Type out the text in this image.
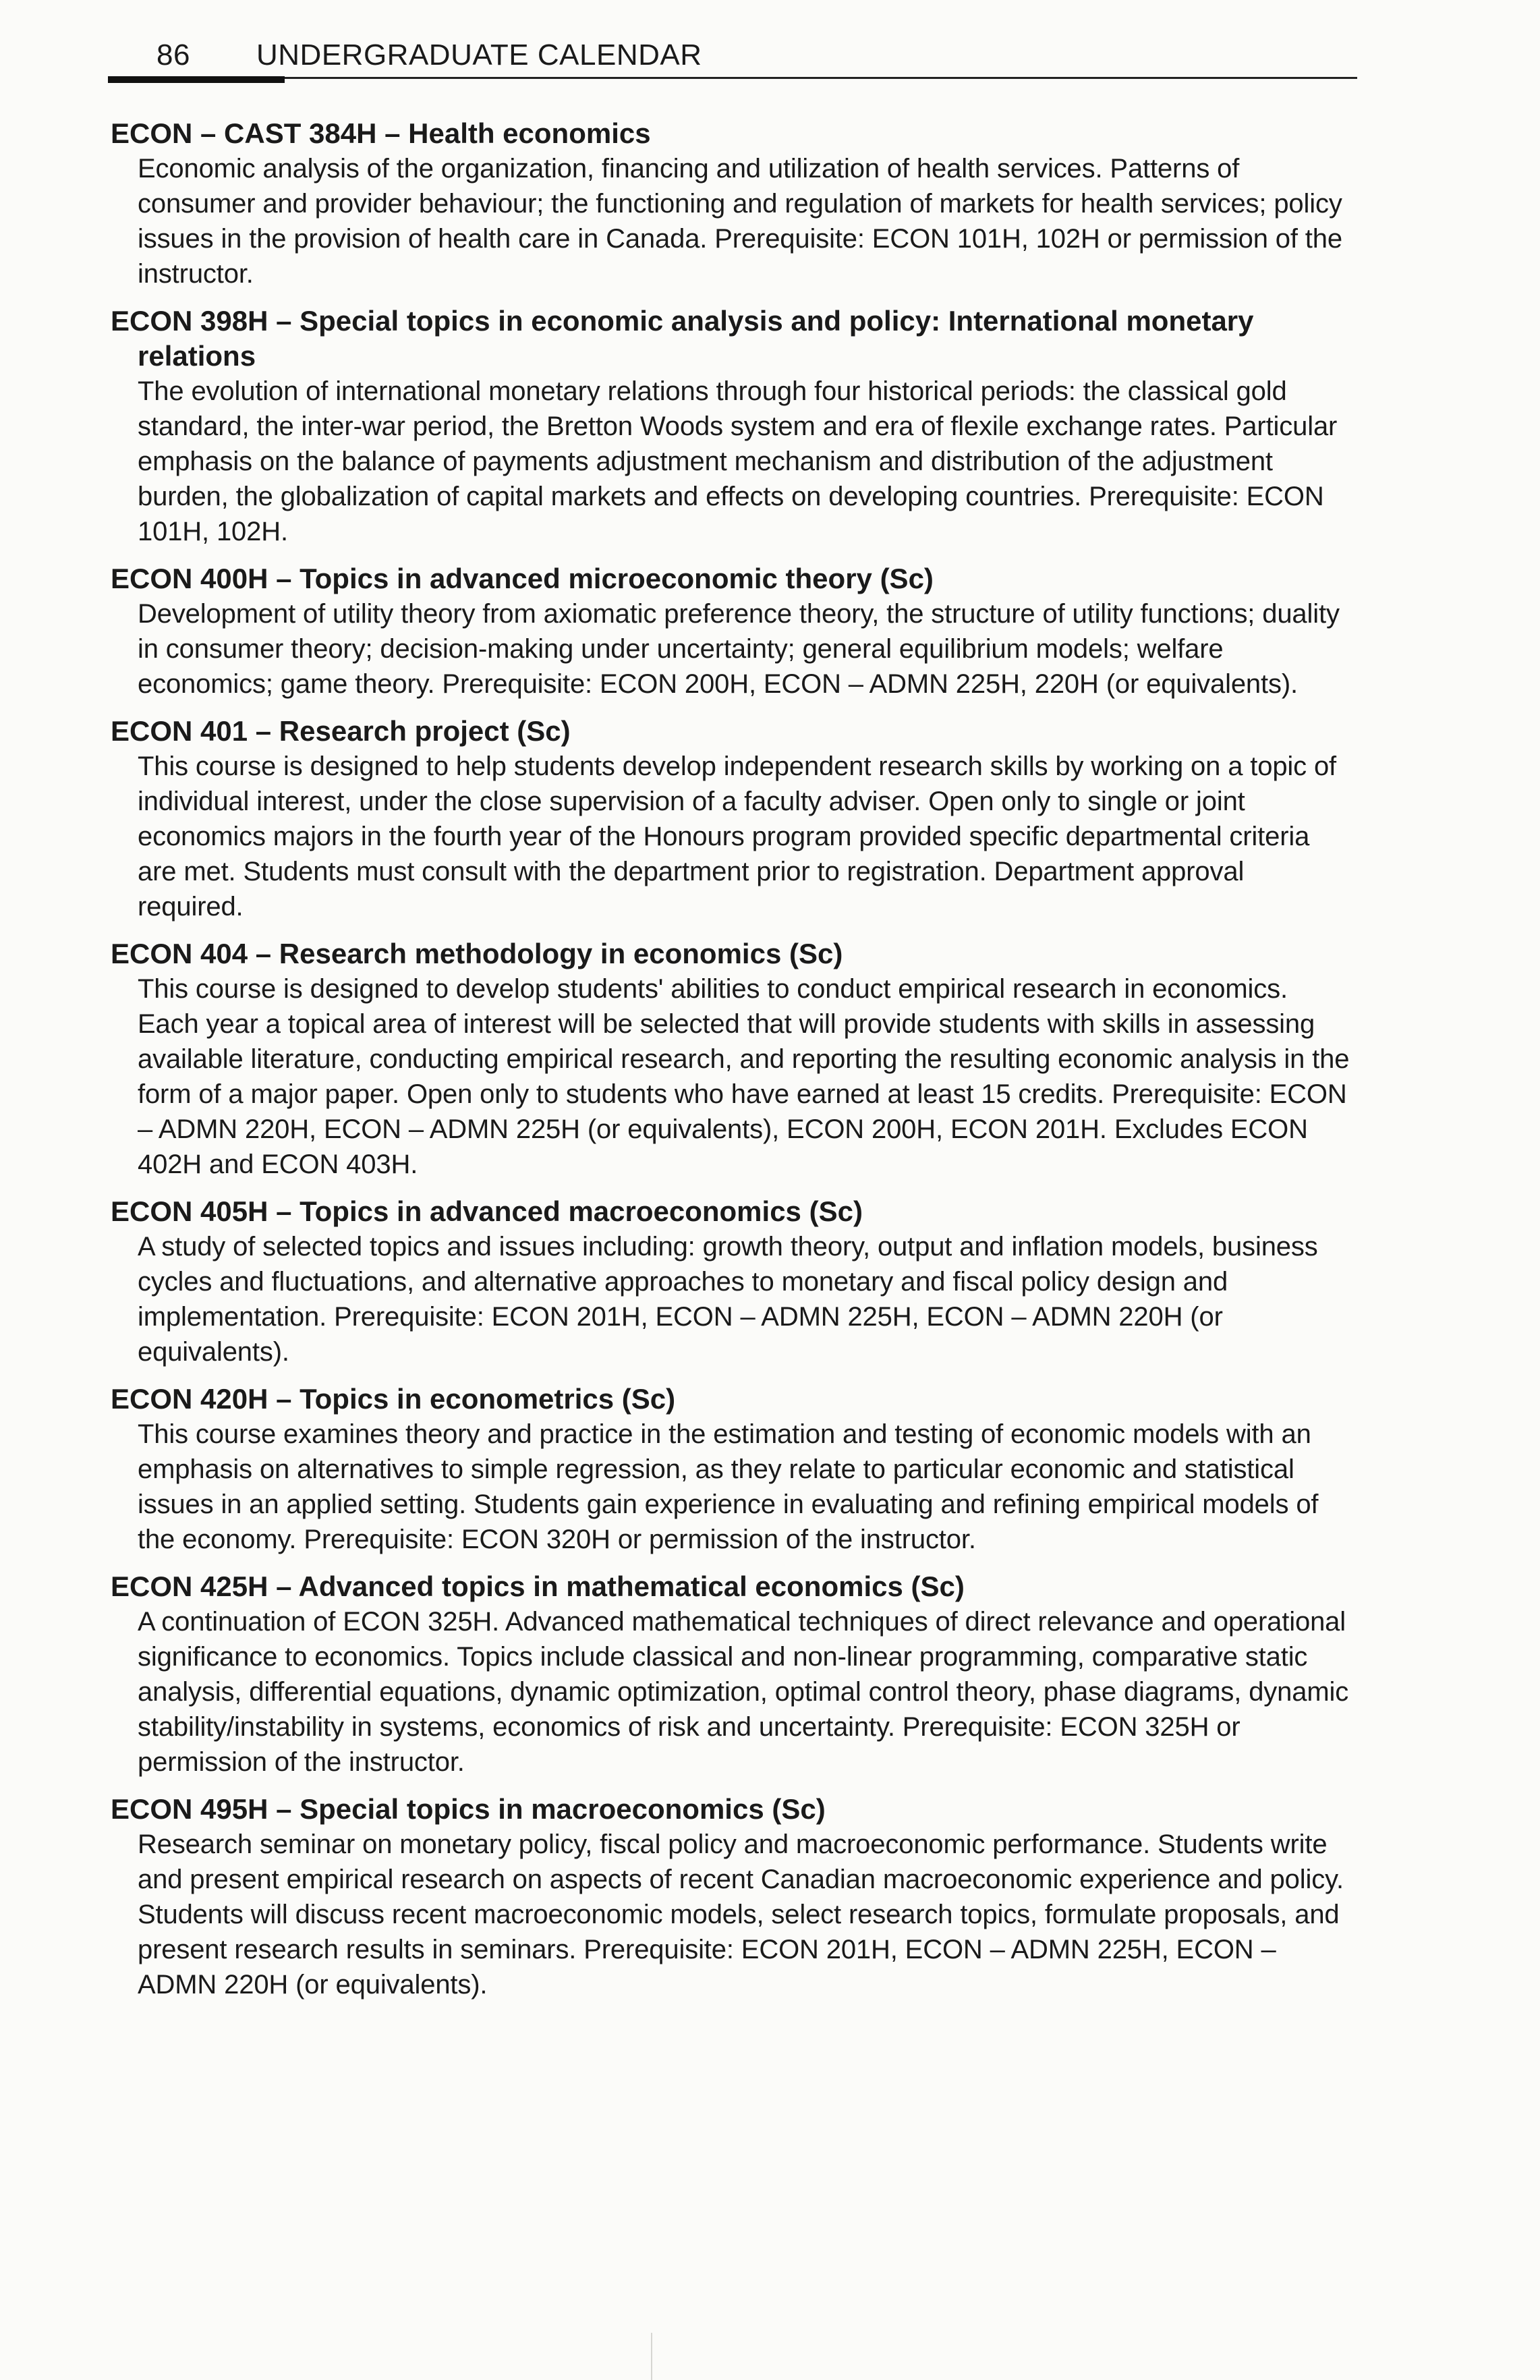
86 UNDERGRADUATE CALENDAR

ECON – CAST 384H – Health economics

Economic analysis of the organization, financing and utilization of health services. Patterns of consumer and provider behaviour; the functioning and regulation of markets for health services; policy issues in the provision of health care in Canada. Prerequisite: ECON 101H, 102H or permission of the instructor.

ECON 398H – Special topics in economic analysis and policy: International monetary relations

The evolution of international monetary relations through four historical periods: the classical gold standard, the inter-war period, the Bretton Woods system and era of flexile exchange rates. Particular emphasis on the balance of payments adjustment mechanism and distribution of the adjustment burden, the globalization of capital markets and effects on developing countries. Prerequisite: ECON 101H, 102H.

ECON 400H – Topics in advanced microeconomic theory (Sc)

Development of utility theory from axiomatic preference theory, the structure of utility functions; duality in consumer theory; decision-making under uncertainty; general equilibrium models; welfare economics; game theory. Prerequisite: ECON 200H, ECON – ADMN 225H, 220H (or equivalents).

ECON 401 – Research project (Sc)

This course is designed to help students develop independent research skills by working on a topic of individual interest, under the close supervision of a faculty adviser. Open only to single or joint economics majors in the fourth year of the Honours program provided specific departmental criteria are met. Students must consult with the department prior to registration. Department approval required.

ECON 404 – Research methodology in economics (Sc)

This course is designed to develop students' abilities to conduct empirical research in economics. Each year a topical area of interest will be selected that will provide students with skills in assessing available literature, conducting empirical research, and reporting the resulting economic analysis in the form of a major paper. Open only to students who have earned at least 15 credits. Prerequisite: ECON – ADMN 220H, ECON – ADMN 225H (or equivalents), ECON 200H, ECON 201H. Excludes ECON 402H and ECON 403H.

ECON 405H – Topics in advanced macroeconomics (Sc)

A study of selected topics and issues including: growth theory, output and inflation models, business cycles and fluctuations, and alternative approaches to monetary and fiscal policy design and implementation. Prerequisite: ECON 201H, ECON – ADMN 225H, ECON – ADMN 220H (or equivalents).

ECON 420H – Topics in econometrics (Sc)

This course examines theory and practice in the estimation and testing of economic models with an emphasis on alternatives to simple regression, as they relate to particular economic and statistical issues in an applied setting. Students gain experience in evaluating and refining empirical models of the economy. Prerequisite: ECON 320H or permission of the instructor.

ECON 425H – Advanced topics in mathematical economics (Sc)

A continuation of ECON 325H. Advanced mathematical techniques of direct relevance and operational significance to economics. Topics include classical and non-linear programming, comparative static analysis, differential equations, dynamic optimization, optimal control theory, phase diagrams, dynamic stability/instability in systems, economics of risk and uncertainty. Prerequisite: ECON 325H or permission of the instructor.

ECON 495H – Special topics in macroeconomics (Sc)

Research seminar on monetary policy, fiscal policy and macroeconomic performance. Students write and present empirical research on aspects of recent Canadian macroeconomic experience and policy. Students will discuss recent macroeconomic models, select research topics, formulate proposals, and present research results in seminars. Prerequisite: ECON 201H, ECON – ADMN 225H, ECON – ADMN 220H (or equivalents).
